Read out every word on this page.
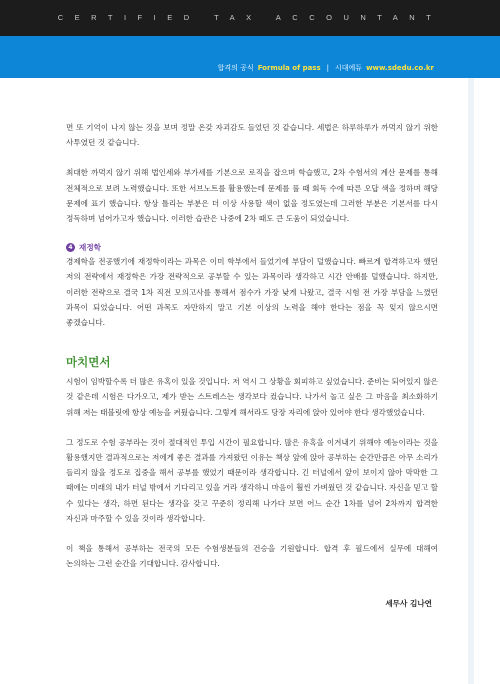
CERTIFIED TAX ACCOUNTANT
합격의 공식 Formula of pass | 시대에듀 www.sdedu.co.kr

면 또 기억이 나지 않는 것을 보며 정말 온갖 자괴감도 들었던 것 같습니다. 세법은 하루하루가 까먹지 않기 위한 사투였던 것 같습니다.

최대한 까먹지 않기 위해 법인세와 부가세를 기본으로 로직을 잡으며 학습했고, 2차 수험서의 계산 문제를 통해 전체적으로 보려 노력했습니다. 또한 서브노트를 활용했는데 문제를 풀 때 회독 수에 따른 오답 색을 정하며 해당 문제에 표기 했습니다. 항상 틀리는 부분은 더 이상 사용할 색이 없을 정도였는데 그러한 부분은 기본서를 다시 정독하며 넘어가고자 했습니다. 이러한 습관은 나중에 2차 때도 큰 도움이 되었습니다.

4 재정학

경제학을 전공했기에 재정학이라는 과목은 이미 학부에서 들었기에 부담이 덜했습니다. 빠르게 합격하고자 했던 저의 전략에서 재정학은 가장 전략적으로 공부할 수 있는 과목이라 생각하고 시간 안배를 덜했습니다. 하지만, 이러한 전략으로 결국 1차 직전 모의고사를 통해서 점수가 가장 낮게 나왔고, 결국 시험 전 가장 부담을 느꼈던 과목이 되었습니다. 어떤 과목도 자만하지 말고 기본 이상의 노력을 해야 한다는 점을 꼭 잊지 않으시면 좋겠습니다.

마치면서

시험이 임박할수록 더 많은 유혹이 있을 것입니다. 저 역시 그 상황을 회피하고 싶었습니다. 준비는 되어있지 않은 것 같은데 시험은 다가오고, 제가 받는 스트레스는 생각보다 컸습니다. 나가서 놀고 싶은 그 마음을 최소화하기 위해 저는 태블릿에 항상 예능을 켜뒀습니다. 그렇게 해서라도 당장 자리에 앉아 있어야 한다 생각했었습니다.

그 정도로 수험 공부라는 것이 절대적인 투입 시간이 필요합니다. 많은 유혹을 이겨내기 위해야 예능이라는 것을 활용했지만 결과적으로는 저에게 좋은 결과를 가져왔던 이유는 책상 앞에 앉아 공부하는 순간만큼은 아무 소리가 들리지 않을 정도로 집중을 해서 공부를 했었기 때문이라 생각합니다. 긴 터널에서 앞이 보이지 않아 막막한 그 때에는 미래의 내가 터널 밖에서 기다리고 있을 거라 생각하니 마음이 훨씬 가벼웠던 것 같습니다. 자신을 믿고 할 수 있다는 생각, 하면 된다는 생각을 갖고 꾸준히 정리해 나가다 보면 어느 순간 1차를 넘어 2차까지 합격한 자신과 마주할 수 있을 것이라 생각합니다.

이 책을 통해서 공부하는 전국의 모든 수험생분들의 건승을 기원합니다. 합격 후 필드에서 실무에 대해여 논의하는 그런 순간을 기대합니다. 감사합니다.

세무사 김나연
